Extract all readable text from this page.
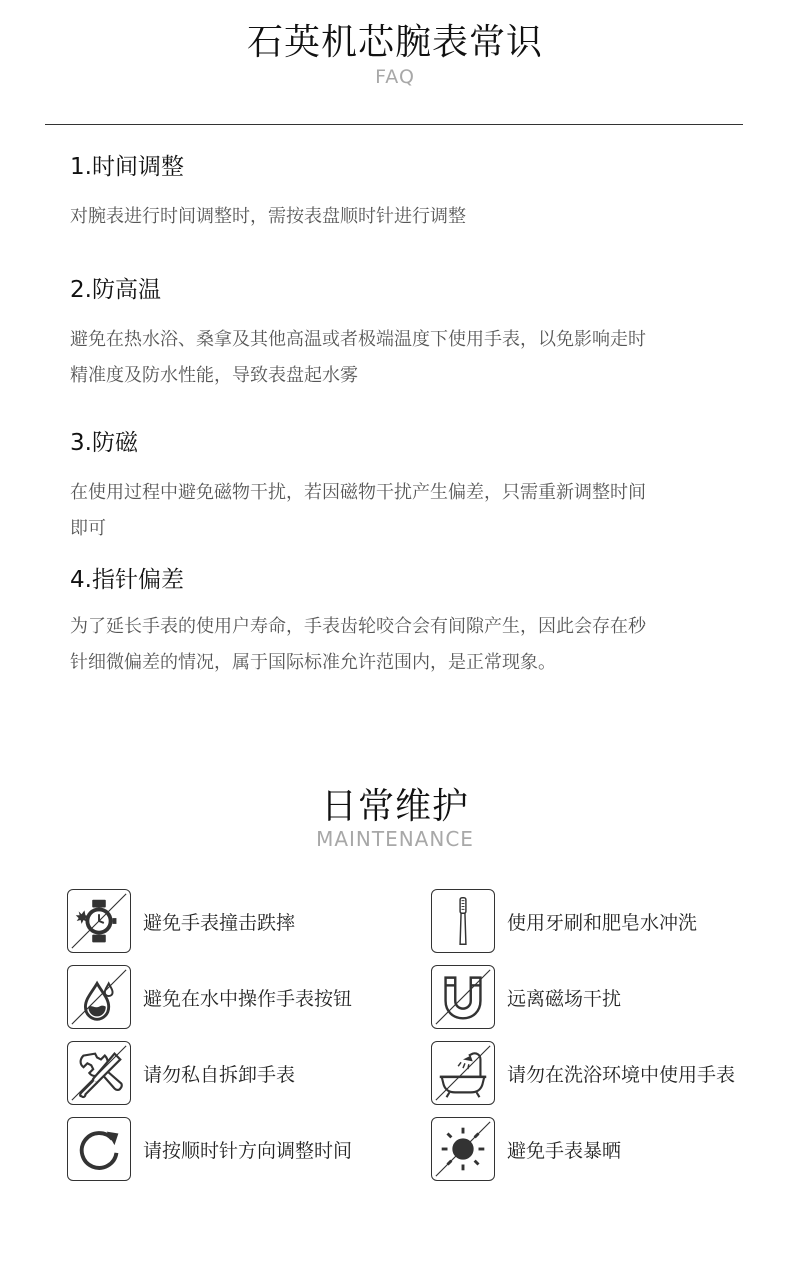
石英机芯腕表常识
FAQ
1.时间调整

对腕表进行时间调整时，需按表盘顺时针进行调整

2.防高温

避免在热水浴、桑拿及其他高温或者极端温度下使用手表，以免影响走时

精准度及防水性能，导致表盘起水雾

3.防磁

在使用过程中避免磁物干扰，若因磁物干扰产生偏差，只需重新调整时间

即可

4.指针偏差

为了延长手表的使用户寿命，手表齿轮咬合会有间隙产生，因此会存在秒

针细微偏差的情况，属于国际标准允许范围内，是正常现象。

日常维护
MAINTENANCE
避免手表撞击跌摔	使用牙刷和肥皂水冲洗
避免在水中操作手表按钮	远离磁场干扰
请勿私自拆卸手表	请勿在洗浴环境中使用手表
请按顺时针方向调整时间	避免手表暴晒
